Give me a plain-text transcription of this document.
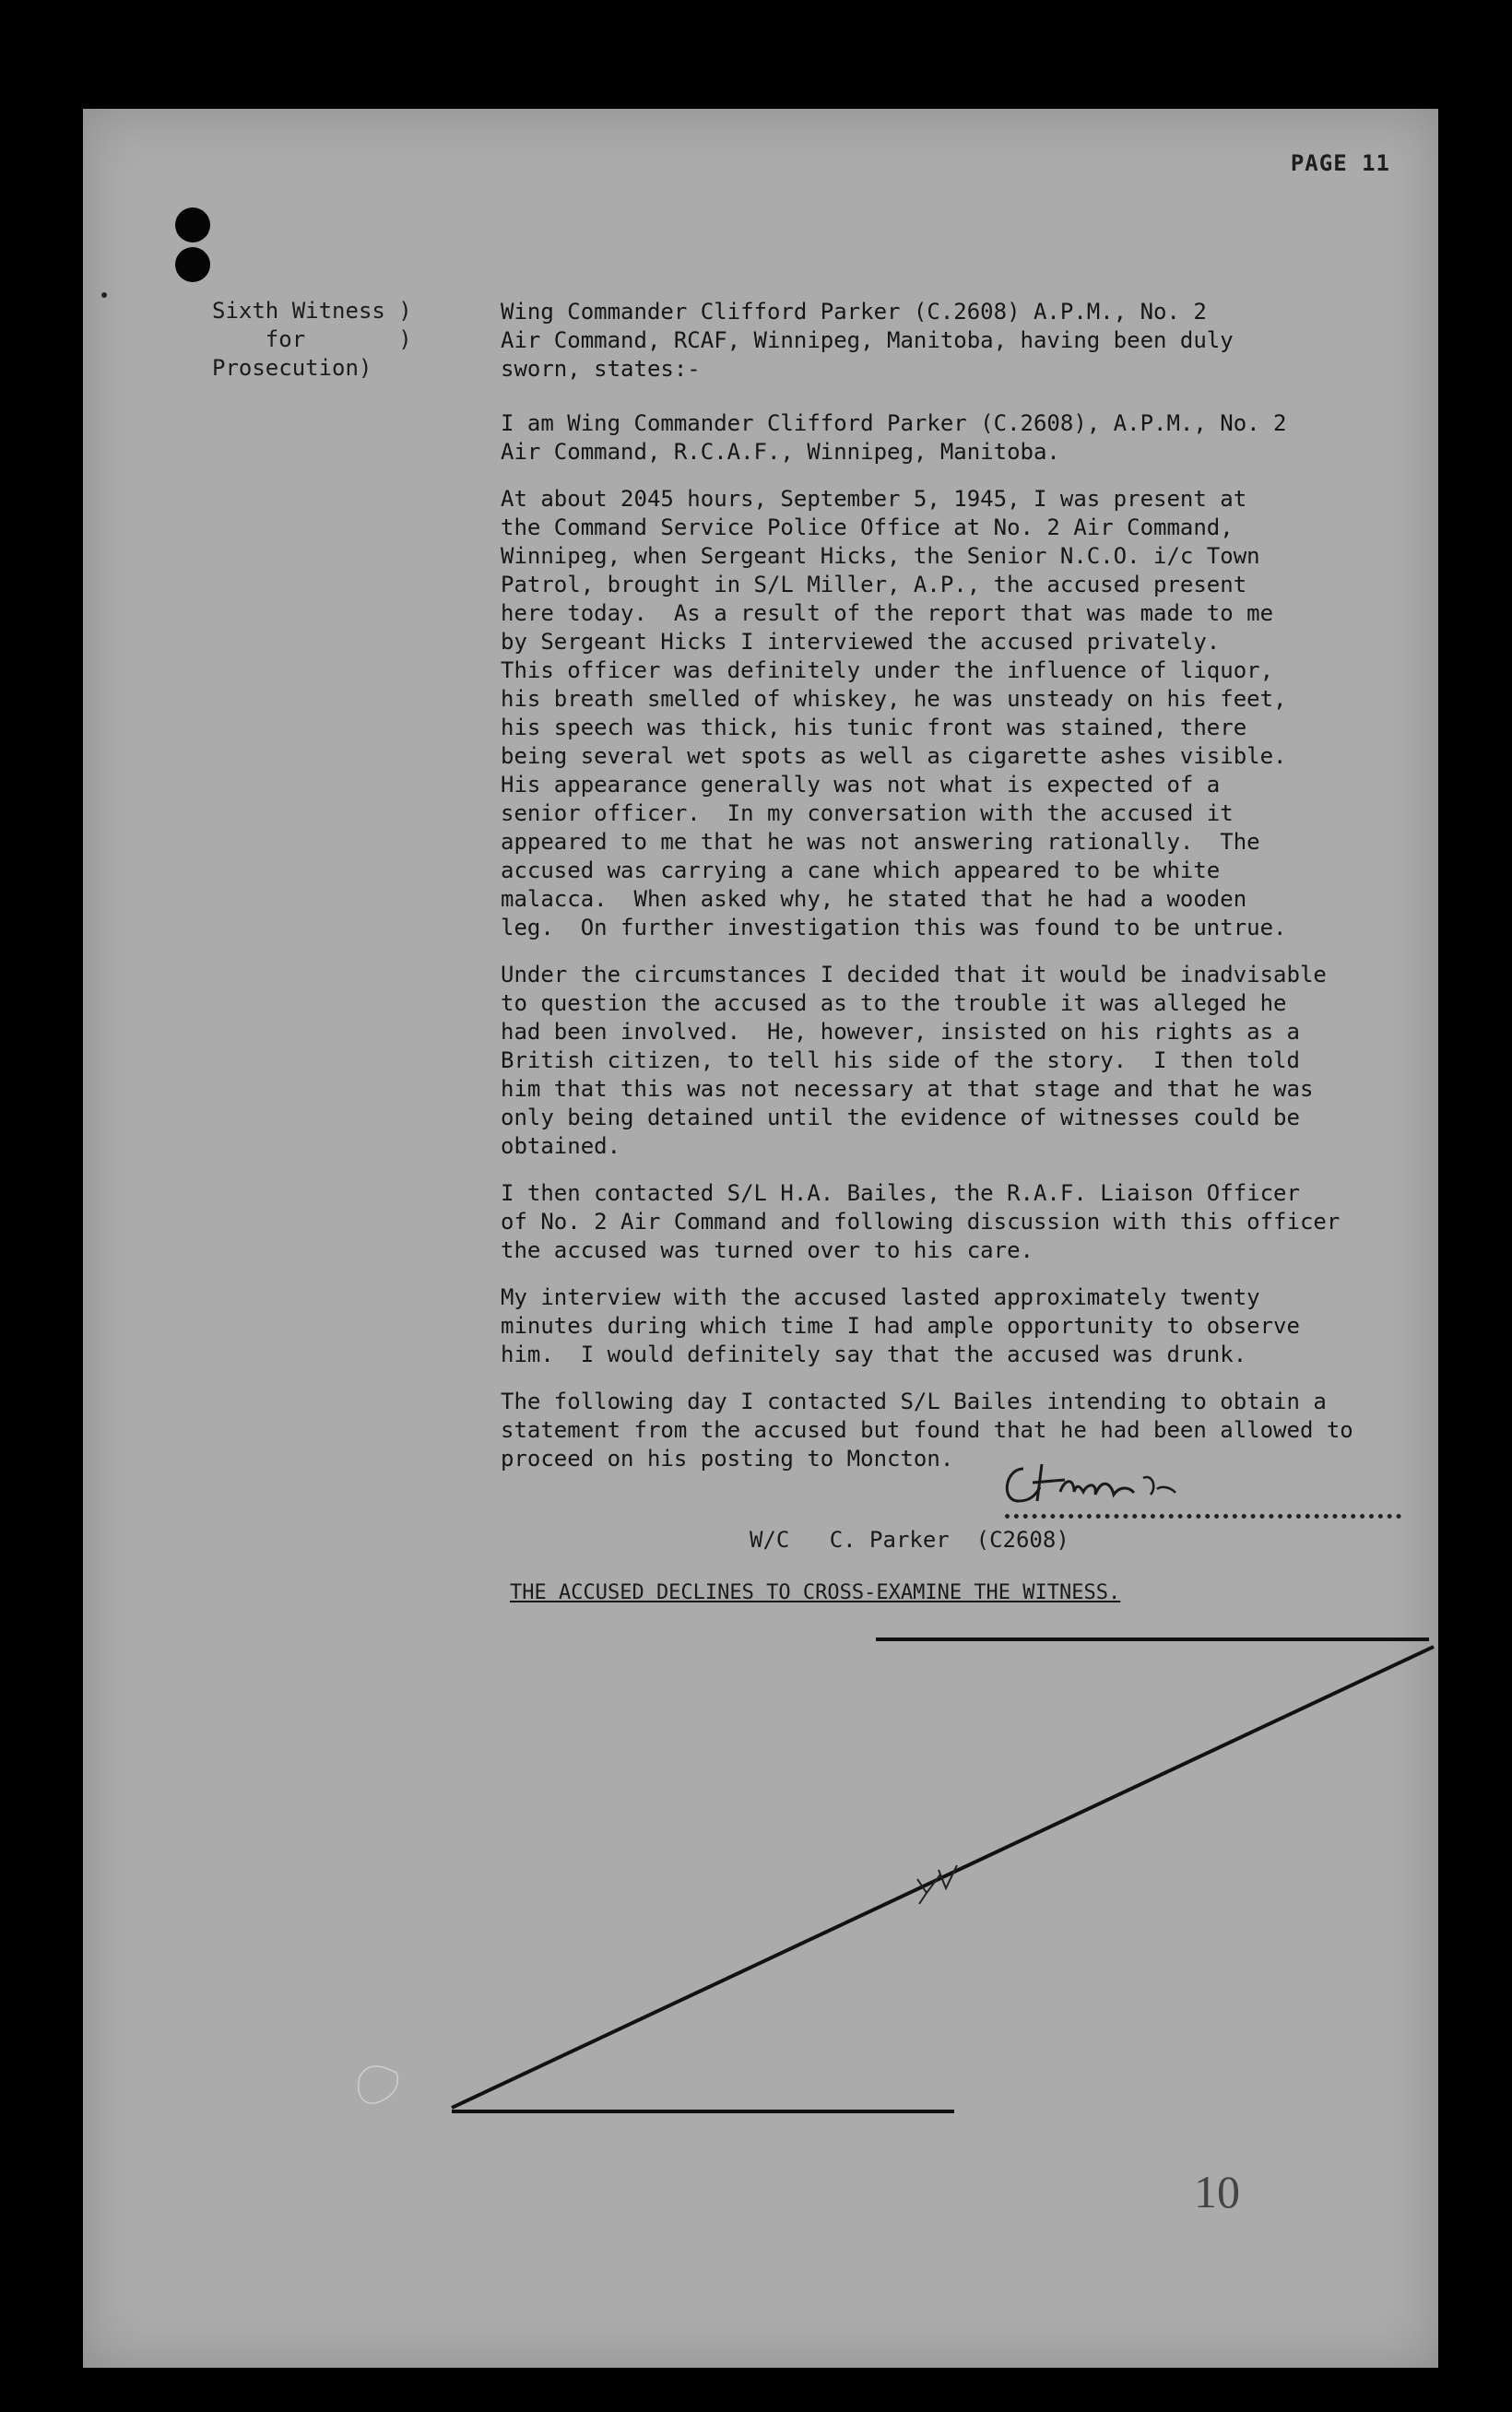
PAGE 11
Sixth Witness )
for       )
Prosecution)

Wing Commander Clifford Parker (C.2608) A.P.M., No. 2
Air Command, RCAF, Winnipeg, Manitoba, having been duly
sworn, states:-

I am Wing Commander Clifford Parker (C.2608), A.P.M., No. 2
Air Command, R.C.A.F., Winnipeg, Manitoba.

At about 2045 hours, September 5, 1945, I was present at
the Command Service Police Office at No. 2 Air Command,
Winnipeg, when Sergeant Hicks, the Senior N.C.O. i/c Town
Patrol, brought in S/L Miller, A.P., the accused present
here today.  As a result of the report that was made to me
by Sergeant Hicks I interviewed the accused privately.
This officer was definitely under the influence of liquor,
his breath smelled of whiskey, he was unsteady on his feet,
his speech was thick, his tunic front was stained, there
being several wet spots as well as cigarette ashes visible.
His appearance generally was not what is expected of a
senior officer.  In my conversation with the accused it
appeared to me that he was not answering rationally.  The
accused was carrying a cane which appeared to be white
malacca.  When asked why, he stated that he had a wooden
leg.  On further investigation this was found to be untrue.

Under the circumstances I decided that it would be inadvisable
to question the accused as to the trouble it was alleged he
had been involved.  He, however, insisted on his rights as a
British citizen, to tell his side of the story.  I then told
him that this was not necessary at that stage and that he was
only being detained until the evidence of witnesses could be
obtained.

I then contacted S/L H.A. Bailes, the R.A.F. Liaison Officer
of No. 2 Air Command and following discussion with this officer
the accused was turned over to his care.

My interview with the accused lasted approximately twenty
minutes during which time I had ample opportunity to observe
him.  I would definitely say that the accused was drunk.

The following day I contacted S/L Bailes intending to obtain a
statement from the accused but found that he had been allowed to
proceed on his posting to Moncton.

W/C   C. Parker  (C2608)
THE ACCUSED DECLINES TO CROSS-EXAMINE THE WITNESS.
10
